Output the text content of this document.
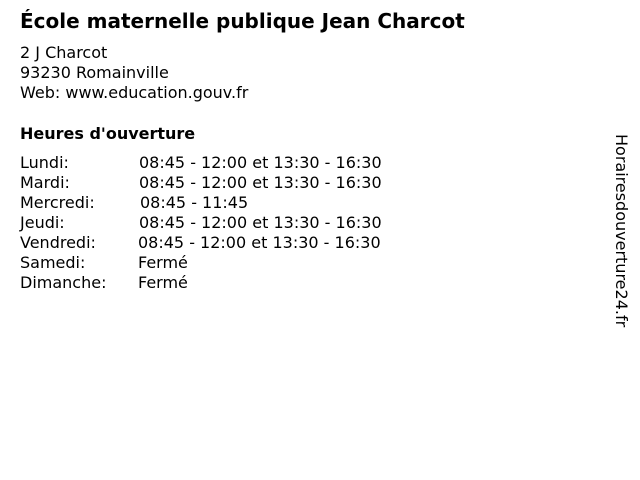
École maternelle publique Jean Charcot
2 J Charcot
93230 Romainville
Web: www.education.gouv.fr
Heures d'ouverture
Lundi:	08:45 - 12:00 et 13:30 - 16:30
Mardi:	08:45 - 12:00 et 13:30 - 16:30
Mercredi:	08:45 - 11:45
Jeudi:	08:45 - 12:00 et 13:30 - 16:30
Vendredi:	08:45 - 12:00 et 13:30 - 16:30
Samedi:	Fermé
Dimanche: Fermé	Horairesdouverture24.fr
